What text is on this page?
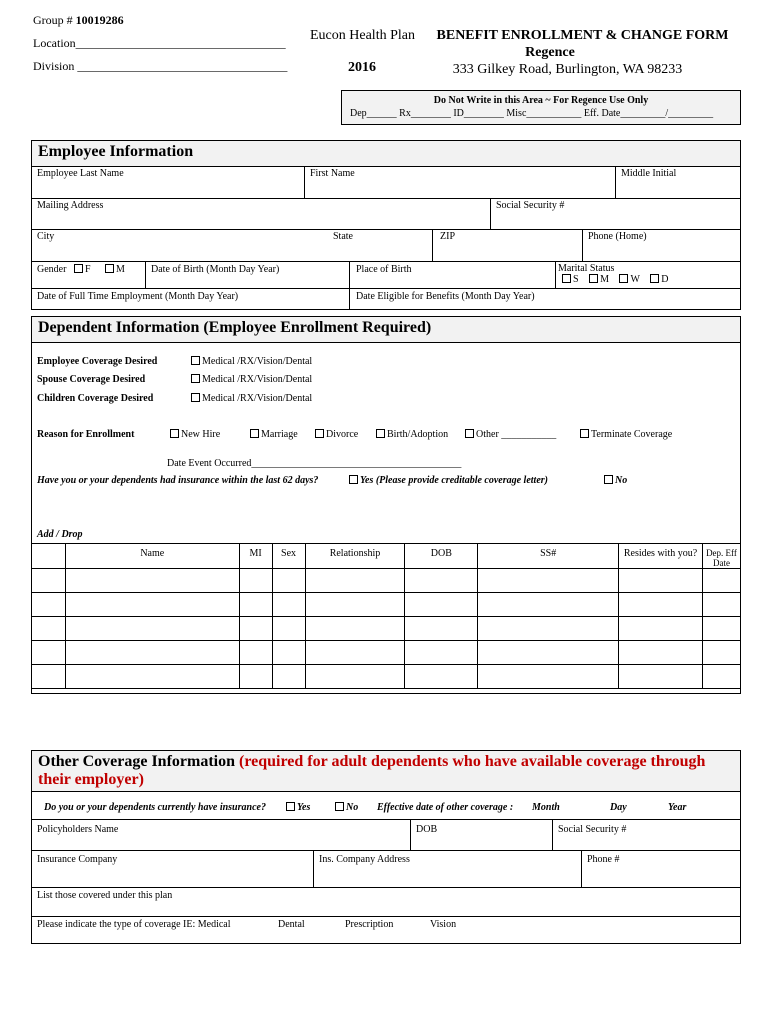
Group # 10019286
Location___________________________________
Division ___________________________________
Eucon Health Plan
2016
BENEFIT ENROLLMENT & CHANGE FORM
Regence
333 Gilkey Road, Burlington, WA 98233
Do Not Write in this Area ~ For Regence Use Only
Dep______ Rx________ ID________ Misc___________ Eff. Date_________/_________
Employee Information
Employee Last Name	First Name	Middle Initial
Mailing Address	Social Security #
City	State	ZIP	Phone (Home)
Gender F	M	Date of Birth (Month Day Year)	Place of Birth	Marital Status
S M W D
Date of Full Time Employment (Month Day Year)	Date Eligible for Benefits (Month Day Year)
Dependent Information (Employee Enrollment Required)
Employee Coverage Desired	Medical /RX/Vision/Dental
Spouse Coverage Desired	Medical /RX/Vision/Dental
Children Coverage Desired	Medical /RX/Vision/Dental
Reason for Enrollment	New Hire	Marriage	Divorce	Birth/Adoption	Other ___________	Terminate Coverage
Date Event Occurred__________________________________________
Have you or your dependents had insurance within the last 62 days?	Yes (Please provide creditable coverage letter)	No
Add / Drop
	Name	MI	Sex	Relationship	DOB	SS#	Resides with you?	Dep. Eff Date

Other Coverage Information (required for adult dependents who have available coverage through their employer)
Do you or your dependents currently have insurance?	Yes	No Effective date of other coverage : Month	Day	Year
Policyholders Name	DOB	Social Security #
Insurance Company	Ins. Company Address	Phone #
List those covered under this plan
Please indicate the type of coverage IE: Medical	Dental	Prescription	Vision
